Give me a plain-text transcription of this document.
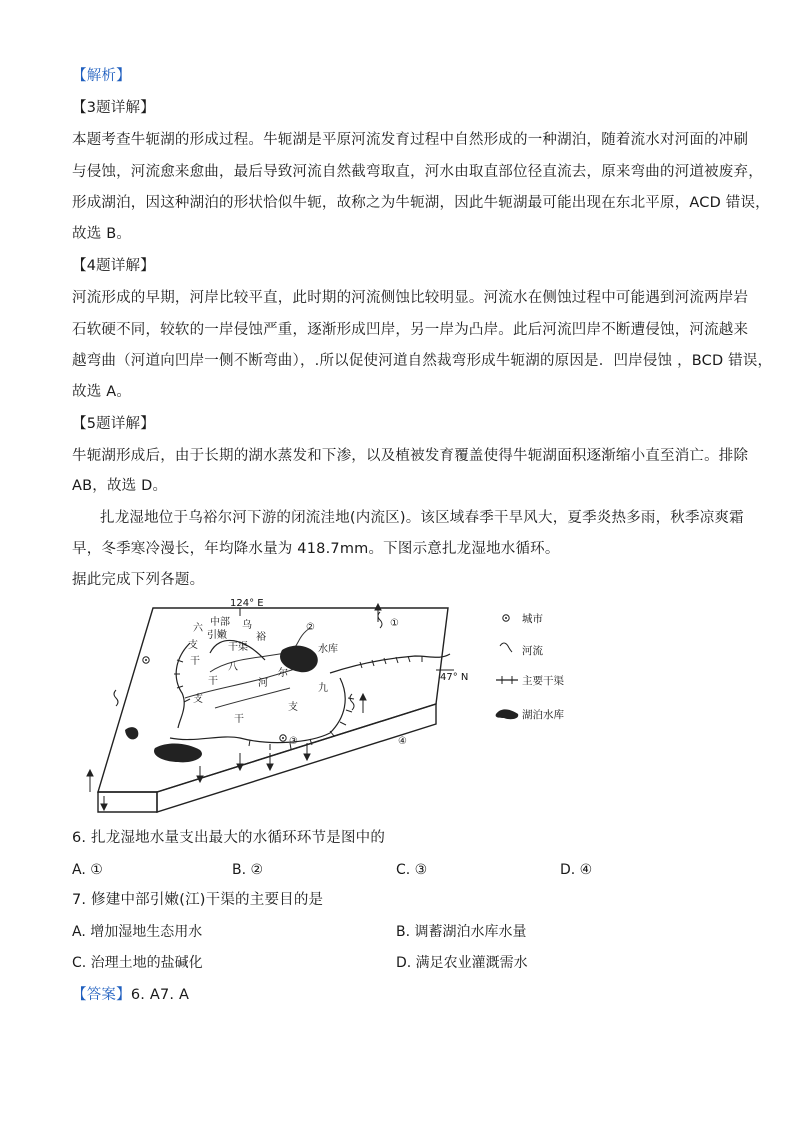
【解析】
【3题详解】
本题考查牛轭湖的形成过程。牛轭湖是平原河流发育过程中自然形成的一种湖泊，随着流水对河面的冲刷
与侵蚀，河流愈来愈曲，最后导致河流自然截弯取直，河水由取直部位径直流去，原来弯曲的河道被废弃，
形成湖泊，因这种湖泊的形状恰似牛轭，故称之为牛轭湖，因此牛轭湖最可能出现在东北平原，ACD 错误，
故选 B。
【4题详解】
河流形成的早期，河岸比较平直，此时期的河流侧蚀比较明显。河流水在侧蚀过程中可能遇到河流两岸岩
石软硬不同，较软的一岸侵蚀严重，逐渐形成凹岸，另一岸为凸岸。此后河流凹岸不断遭侵蚀，河流越来
越弯曲（河道向凹岸一侧不断弯曲），.所以促使河道自然裁弯形成牛轭湖的原因是．凹岸侵蚀 ，BCD 错误，
故选 A。
【5题详解】
牛轭湖形成后，由于长期的湖水蒸发和下渗，以及植被发育覆盖使得牛轭湖面积逐渐缩小直至消亡。排除
AB，故选 D。
扎龙湿地位于乌裕尔河下游的闭流洼地(内流区)。该区域春季干旱风大，夏季炎热多雨，秋季凉爽霜
早，冬季寒冷漫长，年均降水量为 418.7mm。下图示意扎龙湿地水循环。
据此完成下列各题。
124° E
47° N
①
②
③	④
中部
六
引嫩
乌
裕
干渠	水库
支
干
八
尔
河	九
支
支
干
干
城市
河流
主要干渠
湖泊水库
6. 扎龙湿地水量支出最大的水循环环节是图中的
A. ①	B. ②	C. ③	D. ④
7. 修建中部引嫩(江)干渠的主要目的是
A. 增加湿地生态用水	B. 调蓄湖泊水库水量
C. 治理土地的盐碱化	D. 满足农业灌溉需水
【答案】6. A7. A
